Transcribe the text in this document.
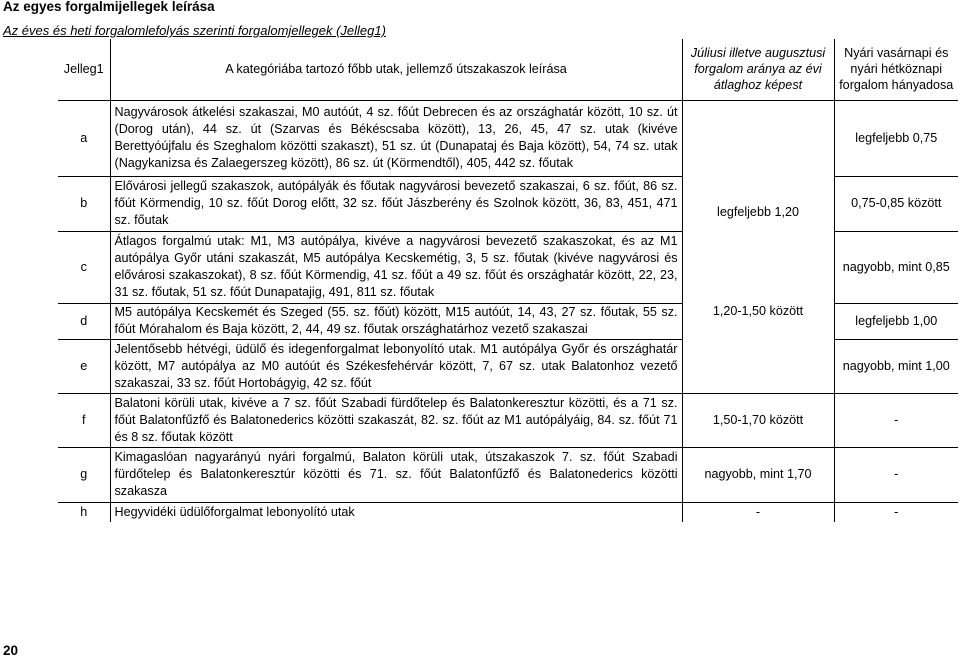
Az egyes forgalmijellegek leírása
Az éves és heti forgalomlefolyás szerinti forgalomjellegek (Jelleg1)
Jelleg1	A kategóriába tartozó főbb utak, jellemző útszakaszok leírása	Júliusi illetve augusztusi forgalom aránya az évi átlaghoz képest	Nyári vasárnapi és nyári hétköznapi forgalom hányadosa
a	Nagyvárosok átkelési szakaszai, M0 autóút, 4 sz. főút Debrecen és az országhatár között, 10 sz. út (Dorog után), 44 sz. út (Szarvas és Békéscsaba között), 13, 26, 45, 47 sz. utak (kivéve Berettyóújfalu és Szeghalom közötti szakaszt), 51 sz. út (Dunapataj és Baja között), 54, 74 sz. utak (Nagykanizsa és Zalaegerszeg között), 86 sz. út (Körmendtől), 405, 442 sz. főutak	legfeljebb 1,20	legfeljebb 0,75
b	Elővárosi jellegű szakaszok, autópályák és főutak nagyvárosi bevezető szakaszai, 6 sz. főút, 86 sz. főút Körmendig, 10 sz. főút Dorog előtt, 32 sz. főút Jászberény és Szolnok között, 36, 83, 451, 471 sz. főutak		0,75-0,85 között
c	Átlagos forgalmú utak: M1, M3 autópálya, kivéve a nagyvárosi bevezető szakaszokat, és az M1 autópálya Győr utáni szakaszát, M5 autópálya Kecskemétig, 3, 5 sz. főutak (kivéve nagyvárosi és elővárosi szakaszokat), 8 sz. főút Körmendig, 41 sz. főút a 49 sz. főút és országhatár között, 22, 23, 31 sz. főutak, 51 sz. főút Dunapatajig, 491, 811 sz. főutak	1,20-1,50 között	nagyobb, mint 0,85
d	M5 autópálya Kecskemét és Szeged (55. sz. főút) között, M15 autóút, 14, 43, 27 sz. főutak, 55 sz. főút Mórahalom és Baja között, 2, 44, 49 sz. főutak országhatárhoz vezető szakaszai		legfeljebb 1,00
e	Jelentősebb hétvégi, üdülő és idegenforgalmat lebonyolító utak. M1 autópálya Győr és országhatár között, M7 autópálya az M0 autóút és Székesfehérvár között, 7, 67 sz. utak Balatonhoz vezető szakaszai, 33 sz. főút Hortobágyig, 42 sz. főút		nagyobb, mint 1,00
f	Balatoni körüli utak, kivéve a 7 sz. főút Szabadi fürdőtelep és Balatonkeresztur közötti, és a 71 sz. főút Balatonfűzfő és Balatonederics közötti szakaszát, 82. sz. főút az M1 autópályáig, 84. sz. főút 71 és 8 sz. főutak között	1,50-1,70 között	-
g	Kimagaslóan nagyarányú nyári forgalmú, Balaton körüli utak, útszakaszok 7. sz. főút Szabadi fürdőtelep és Balatonkeresztúr közötti és 71. sz. főút Balatonfűzfő és Balatonederics közötti szakasza	nagyobb, mint 1,70	-
h	Hegyvidéki üdülőforgalmat lebonyolító utak	-	-
20
